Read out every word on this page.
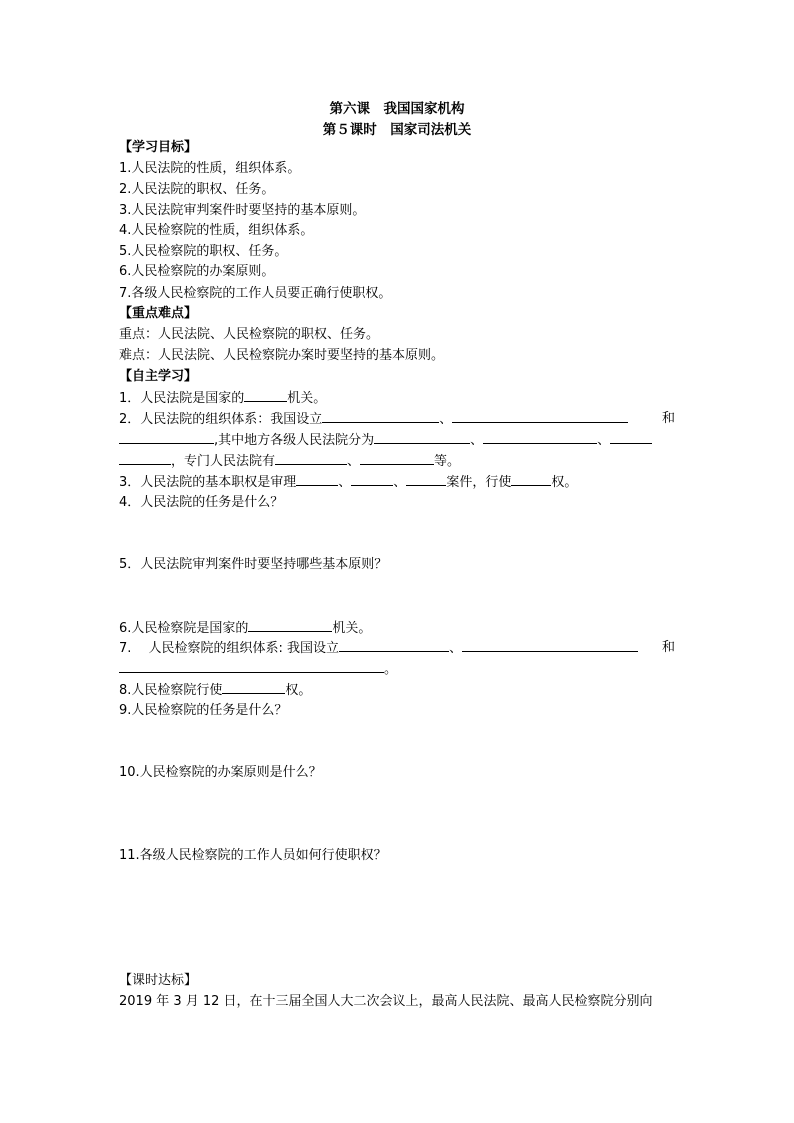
第六课　我国国家机构
第５课时　国家司法机关
【学习目标】
1.人民法院的性质，组织体系。
2.人民法院的职权、任务。
3.人民法院审判案件时要坚持的基本原则。
4.人民检察院的性质，组织体系。
5.人民检察院的职权、任务。
6.人民检察院的办案原则。
7.各级人民检察院的工作人员要正确行使职权。
【重点难点】
重点：人民法院、人民检察院的职权、任务。
难点：人民法院、人民检察院办案时要坚持的基本原则。
【自主学习】
1．人民法院是国家的	机关。
2．人民法院的组织体系：我国设立	、	和
,其中地方各级人民法院分为	、	、
，专门人民法院有	、	等。
3．人民法院的基本职权是审理	、	、	案件，行使	权。
4．人民法院的任务是什么？
5．人民法院审判案件时要坚持哪些基本原则？
6.人民检察院是国家的	机关。
7.　 人民检察院的组织体系: 我国设立	、	和
。
8.人民检察院行使	权。
9.人民检察院的任务是什么？
10.人民检察院的办案原则是什么？
11.各级人民检察院的工作人员如何行使职权？
【课时达标】
2019 年 3 月 12 日，在十三届全国人大二次会议上，最高人民法院、最高人民检察院分别向
